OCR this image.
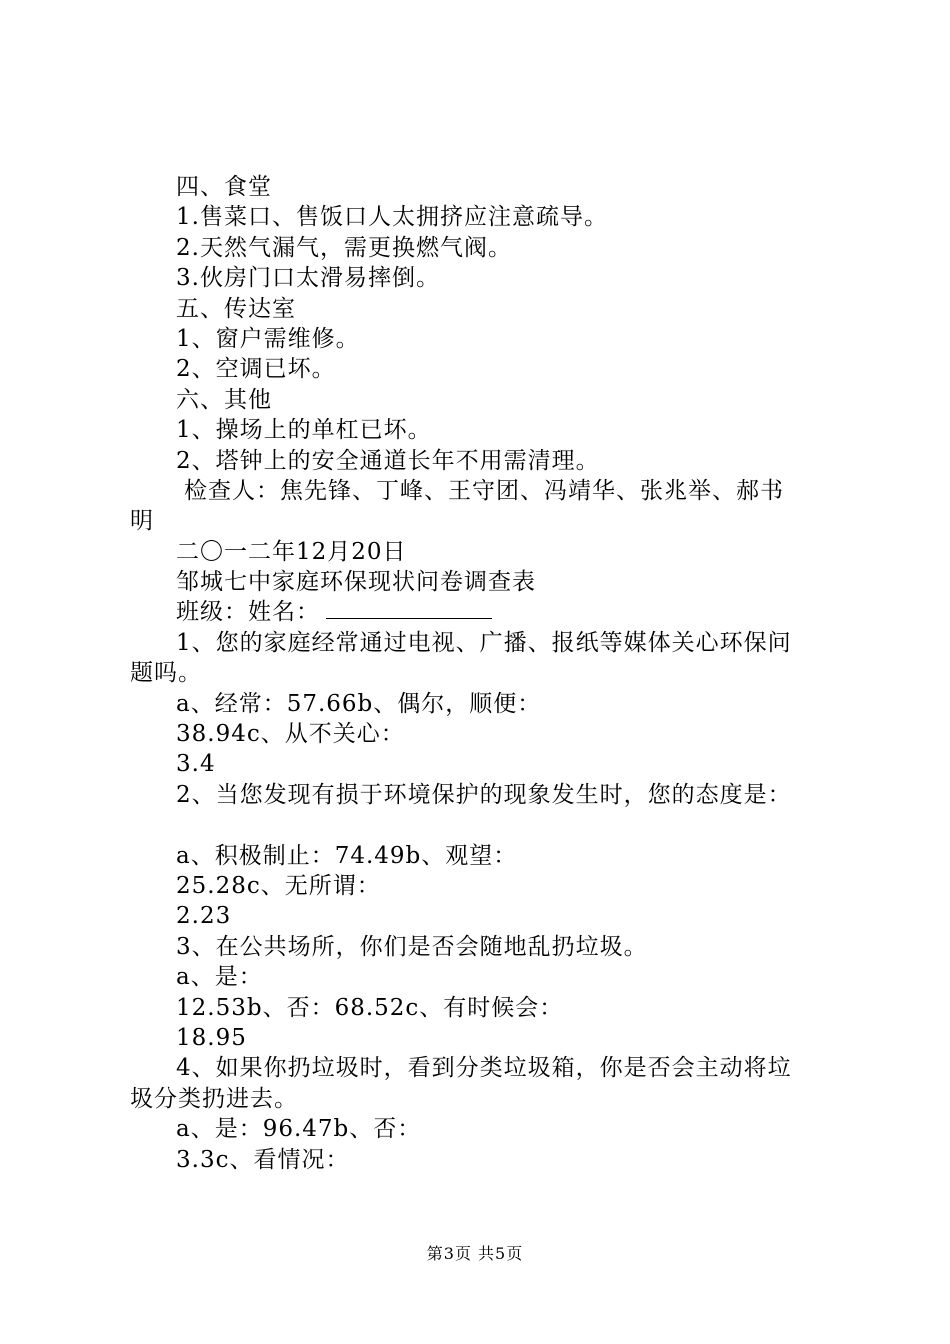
四、食堂
1.售菜口、售饭口人太拥挤应注意疏导。
2.天然气漏气，需更换燃气阀。
3.伙房门口太滑易摔倒。
五、传达室
1、窗户需维修。
2、空调已坏。
六、其他
1、操场上的单杠已坏。
2、塔钟上的安全通道长年不用需清理。
检查人：焦先锋、丁峰、王守团、冯靖华、张兆举、郝书
明
二〇一二年12月20日
邹城七中家庭环保现状问卷调查表
班级：姓名：
1、您的家庭经常通过电视、广播、报纸等媒体关心环保问
题吗。
a、经常：57.66b、偶尔，顺便：
38.94c、从不关心：
3.4
2、当您发现有损于环境保护的现象发生时，您的态度是：
a、积极制止：74.49b、观望：
25.28c、无所谓：
2.23
3、在公共场所，你们是否会随地乱扔垃圾。
a、是：
12.53b、否：68.52c、有时候会：
18.95
4、如果你扔垃圾时，看到分类垃圾箱，你是否会主动将垃
圾分类扔进去。
a、是：96.47b、否：
3.3c、看情况：
第3页 共5页
